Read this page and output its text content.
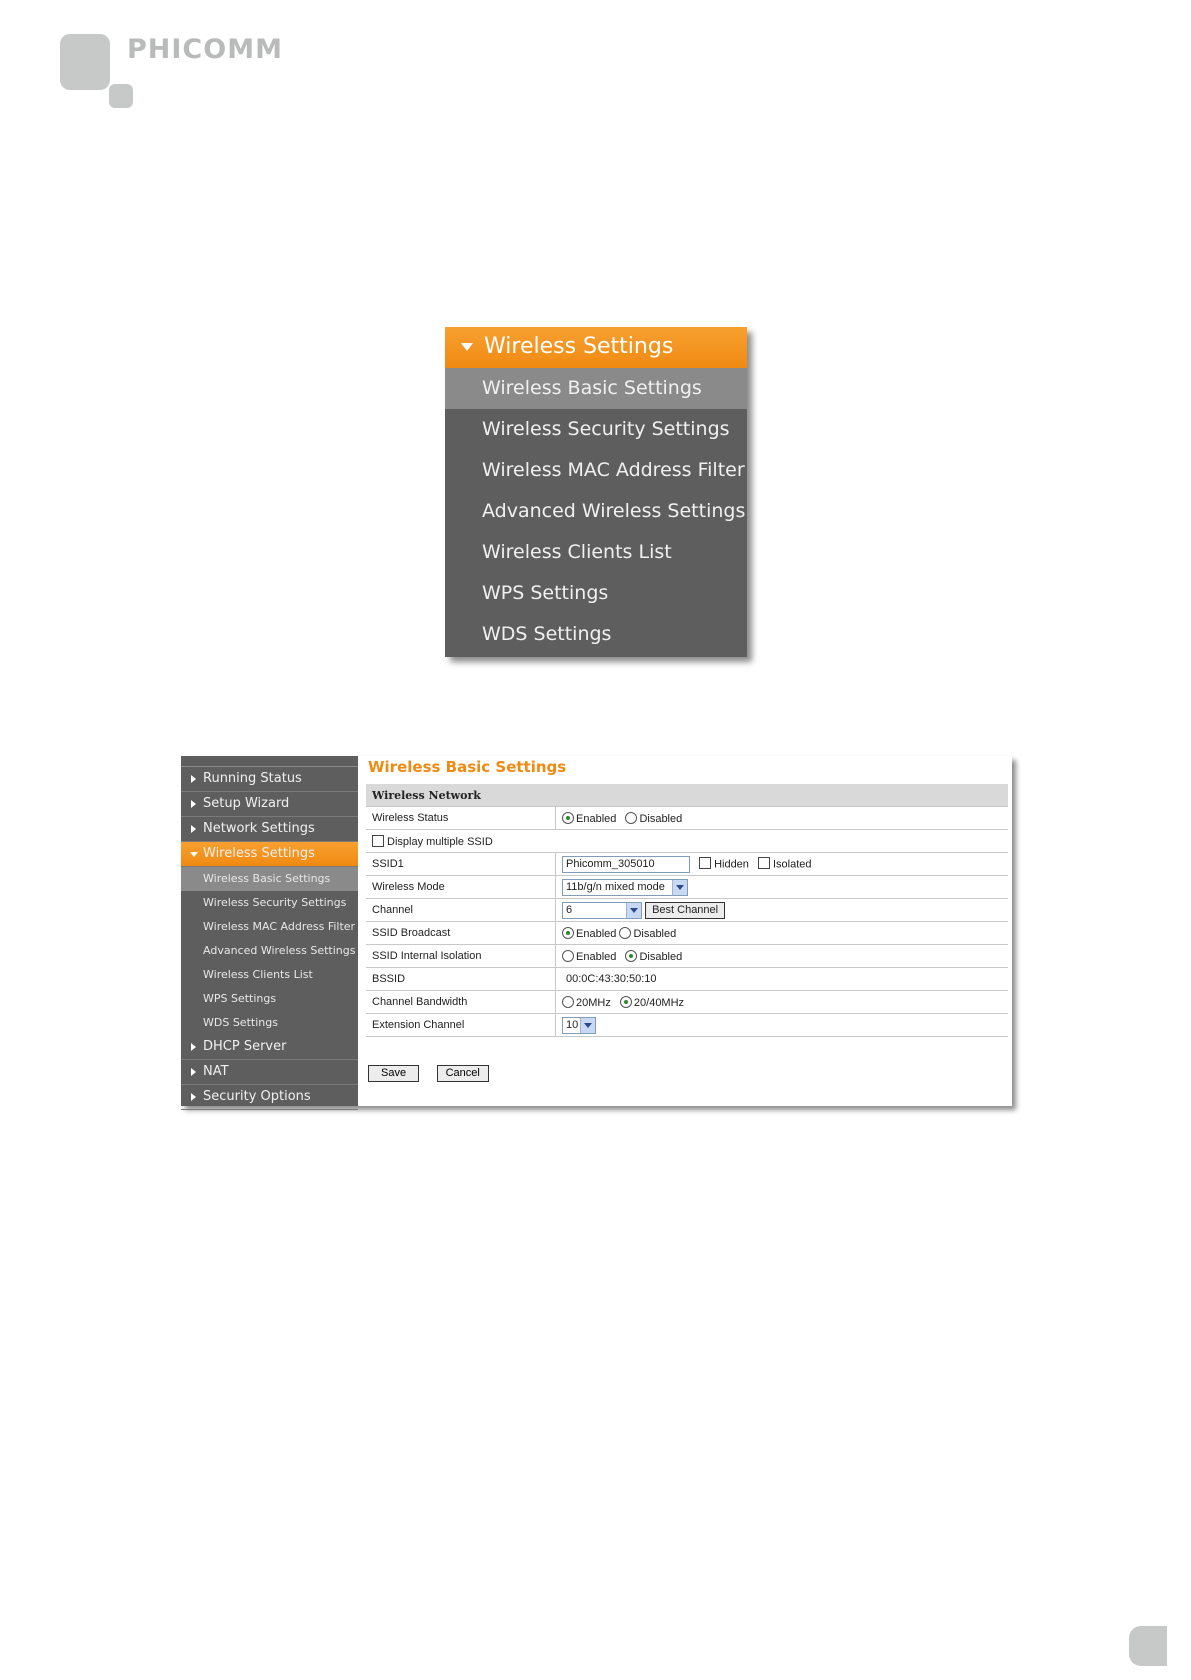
PHICOMM
Wireless Settings
Wireless Basic Settings
Wireless Security Settings
Wireless MAC Address Filter
Advanced Wireless Settings
Wireless Clients List
WPS Settings
WDS Settings
Running Status
Setup Wizard
Network Settings
Wireless Settings
Wireless Basic Settings
Wireless Security Settings
Wireless MAC Address Filter
Advanced Wireless Settings
Wireless Clients List
WPS Settings
WDS Settings
DHCP Server
NAT
Security Options
Wireless Basic Settings
Wireless Network	
Wireless Status	Enabled Disabled
Display multiple SSID	
SSID1	Phicomm_305010 Hidden Isolated
Wireless Mode	11b/g/n mixed mode

Channel	6 Best Channel
SSID Broadcast	Enabled Disabled
SSID Internal Isolation	Enabled Disabled
BSSID	00:0C:43:30:50:10
Channel Bandwidth	20MHz 20/40MHz
Extension Channel	10
Save	Cancel
